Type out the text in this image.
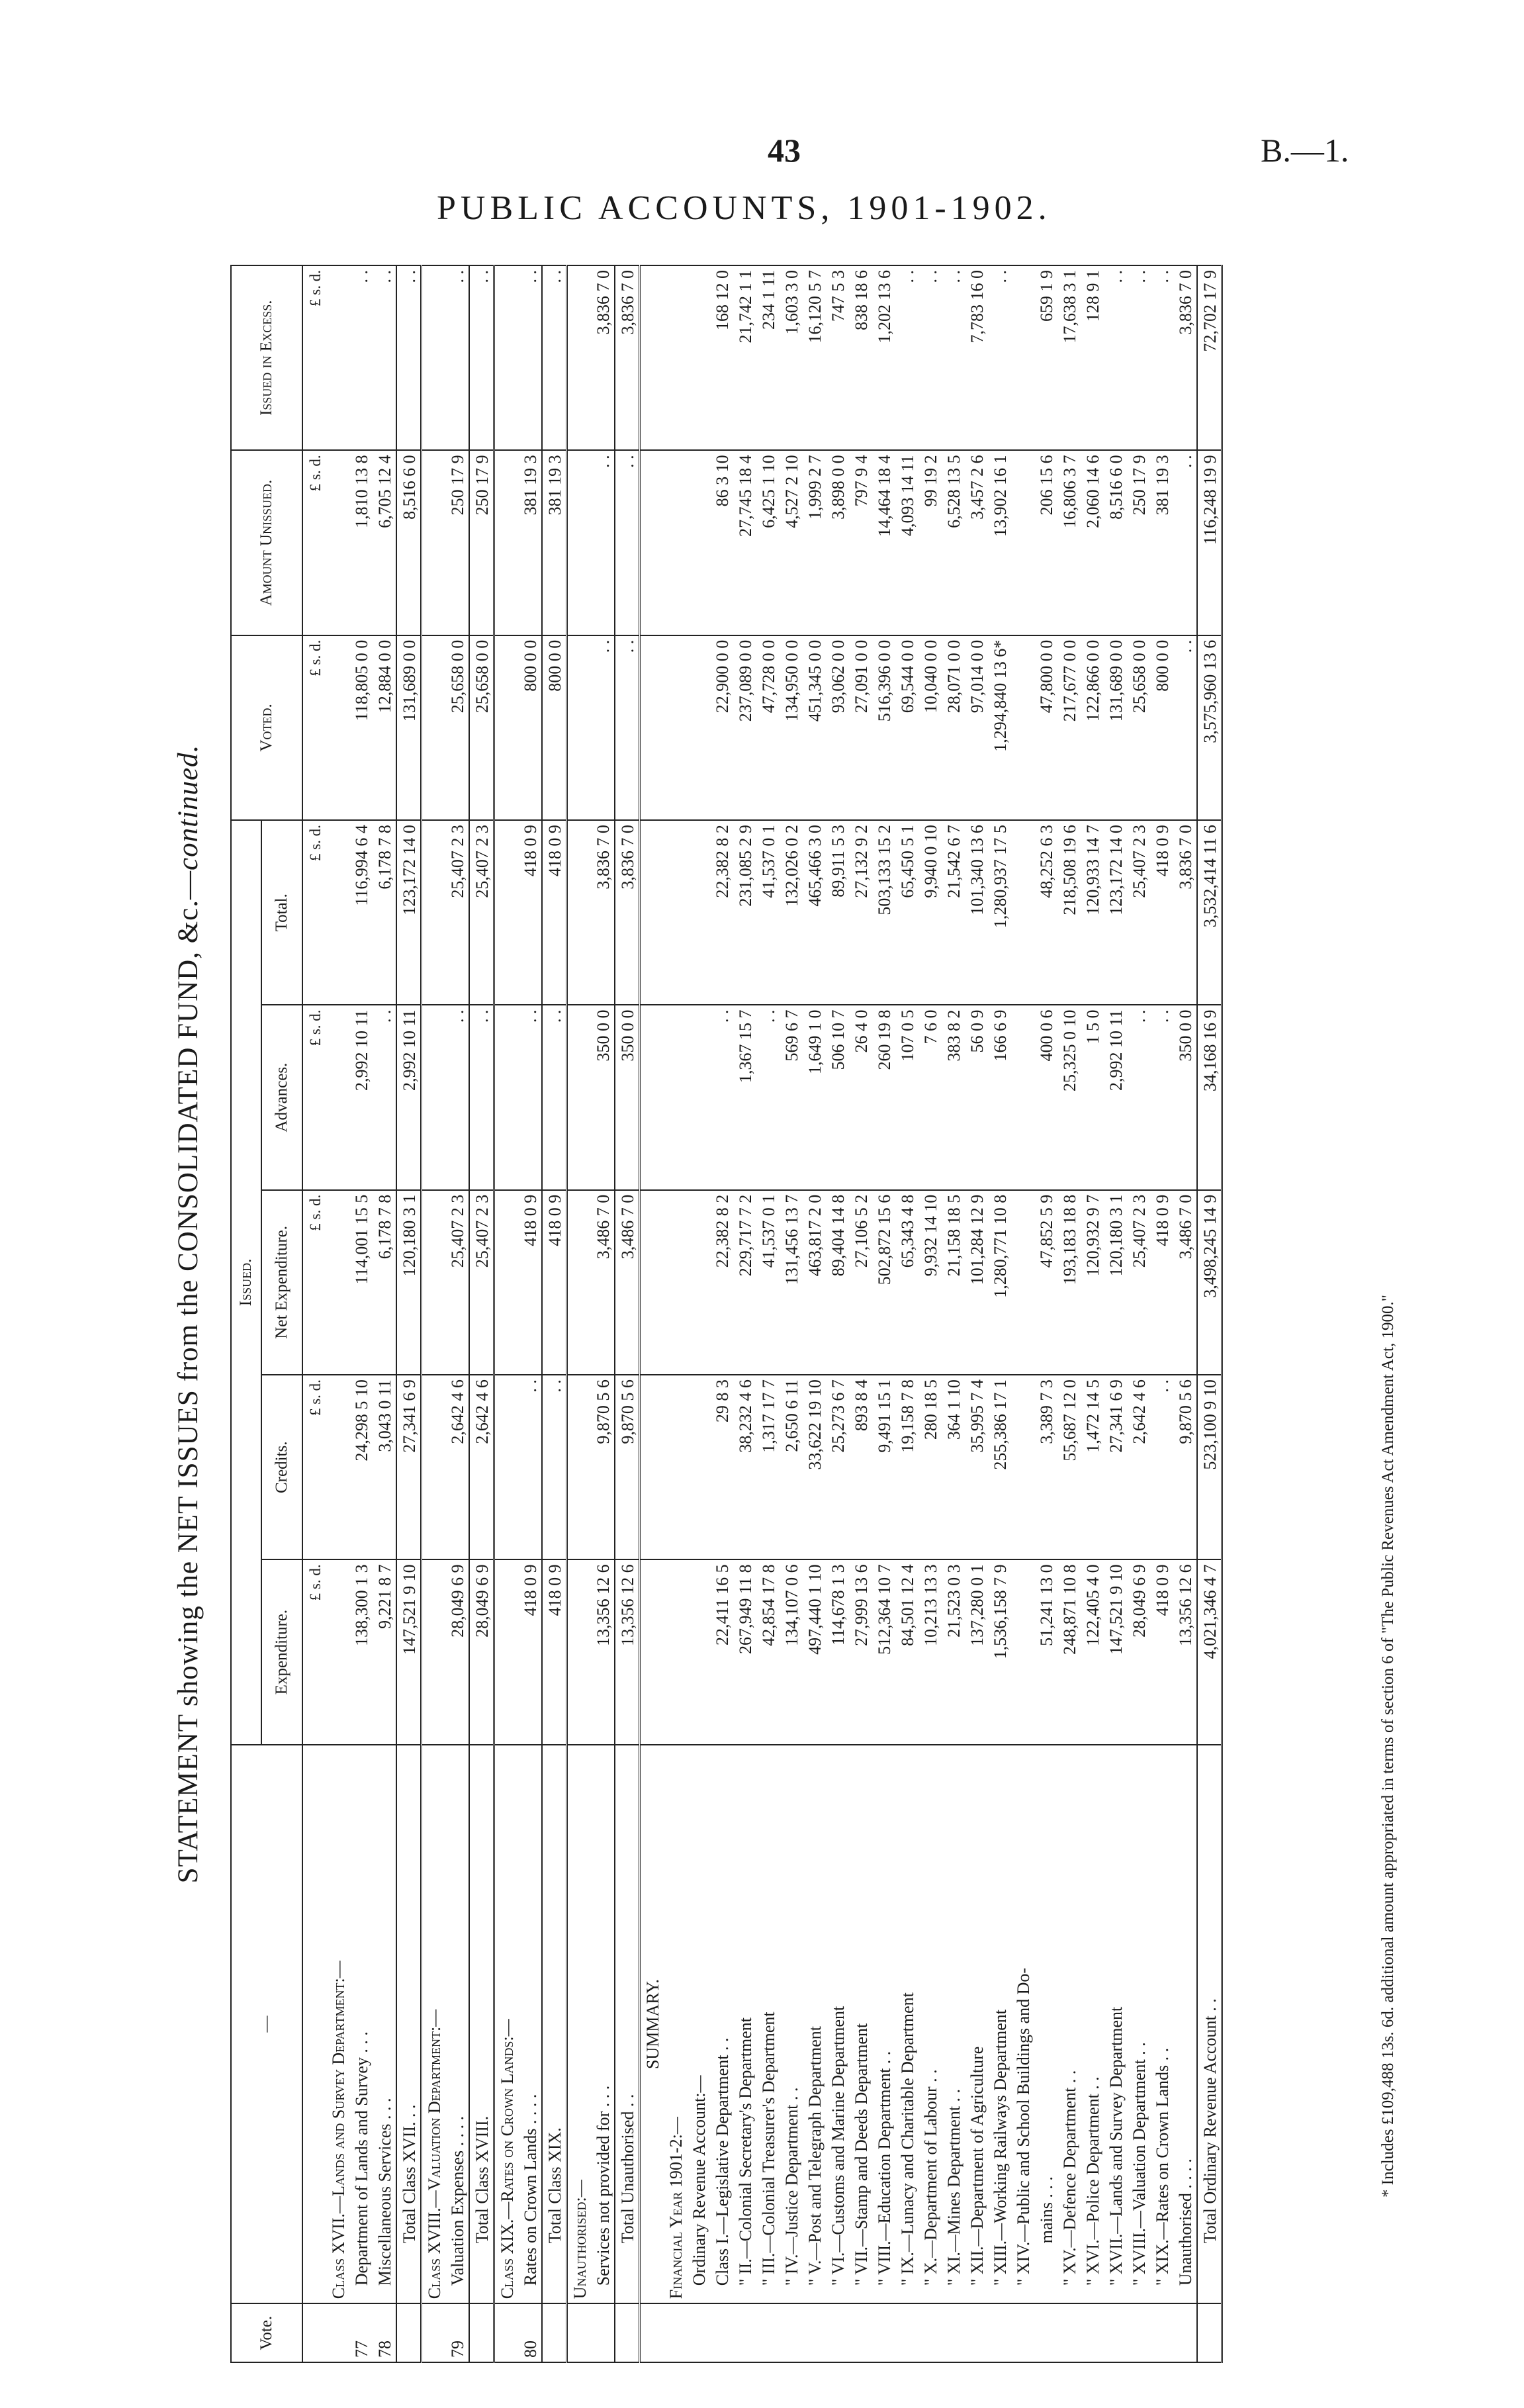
43	B.—1.
PUBLIC ACCOUNTS, 1901-1902.
STATEMENT showing the NET ISSUES from the CONSOLIDATED FUND, &c.—continued.
Vote.	—	Issued.					Voted.	Amount Unissued.	Issued in Excess.
		Expenditure.	Credits.	Net Expenditure.	Advances.	Total.			
		£ s. d.	£ s. d.	£ s. d.	£ s. d.	£ s. d.	£ s. d.	£ s. d.	£ s. d.
	Class XVII.—Lands and Survey Department:—								
77	Department of Lands and Survey . . .	138,300 1 3	24,298 5 10	114,001 15 5	2,992 10 11	116,994 6 4	118,805 0 0	1,810 13 8	. .
78	Miscellaneous Services . . .	9,221 8 7	3,043 0 11	6,178 7 8	. .	6,178 7 8	12,884 0 0	6,705 12 4	. .
	Total Class XVII. . .	147,521 9 10	27,341 6 9	120,180 3 1	2,992 10 11	123,172 14 0	131,689 0 0	8,516 6 0	. .
	Class XVIII.—Valuation Department:—								
79	Valuation Expenses . . . .	28,049 6 9	2,642 4 6	25,407 2 3	. .	25,407 2 3	25,658 0 0	250 17 9	. .
	Total Class XVIII.	28,049 6 9	2,642 4 6	25,407 2 3	. .	25,407 2 3	25,658 0 0	250 17 9	. .
	Class XIX.—Rates on Crown Lands:—								
80	Rates on Crown Lands . . . .	418 0 9	. .	418 0 9	. .	418 0 9	800 0 0	381 19 3	. .
	Total Class XIX.	418 0 9	. .	418 0 9	. .	418 0 9	800 0 0	381 19 3	. .
	Unauthorised:—								
	Services not provided for . . .	13,356 12 6	9,870 5 6	3,486 7 0	350 0 0	3,836 7 0	. .	. .	3,836 7 0
	Total Unauthorised . .	13,356 12 6	9,870 5 6	3,486 7 0	350 0 0	3,836 7 0	. .	. .	3,836 7 0
	SUMMARY.								
	Financial Year 1901-2:—								
	Ordinary Revenue Account:—								
	Class I.—Legislative Department . .	22,411 16 5	29 8 3	22,382 8 2	. .	22,382 8 2	22,900 0 0	86 3 10	168 12 0
	" II.—Colonial Secretary's Department	267,949 11 8	38,232 4 6	229,717 7 2	1,367 15 7	231,085 2 9	237,089 0 0	27,745 18 4	21,742 1 1
	" III.—Colonial Treasurer's Department	42,854 17 8	1,317 17 7	41,537 0 1	. .	41,537 0 1	47,728 0 0	6,425 1 10	234 1 11
	" IV.—Justice Department . .	134,107 0 6	2,650 6 11	131,456 13 7	569 6 7	132,026 0 2	134,950 0 0	4,527 2 10	1,603 3 0
	" V.—Post and Telegraph Department	497,440 1 10	33,622 19 10	463,817 2 0	1,649 1 0	465,466 3 0	451,345 0 0	1,999 2 7	16,120 5 7
	" VI.—Customs and Marine Department	114,678 1 3	25,273 6 7	89,404 14 8	506 10 7	89,911 5 3	93,062 0 0	3,898 0 0	747 5 3
	" VII.—Stamp and Deeds Department	27,999 13 6	893 8 4	27,106 5 2	26 4 0	27,132 9 2	27,091 0 0	797 9 4	838 18 6
	" VIII.—Education Department . .	512,364 10 7	9,491 15 1	502,872 15 6	260 19 8	503,133 15 2	516,396 0 0	14,464 18 4	1,202 13 6
	" IX.—Lunacy and Charitable Department	84,501 12 4	19,158 7 8	65,343 4 8	107 0 5	65,450 5 1	69,544 0 0	4,093 14 11	. .
	" X.—Department of Labour . .	10,213 13 3	280 18 5	9,932 14 10	7 6 0	9,940 0 10	10,040 0 0	99 19 2	. .
	" XI.—Mines Department . .	21,523 0 3	364 1 10	21,158 18 5	383 8 2	21,542 6 7	28,071 0 0	6,528 13 5	. .
	" XII.—Department of Agriculture	137,280 0 1	35,995 7 4	101,284 12 9	56 0 9	101,340 13 6	97,014 0 0	3,457 2 6	7,783 16 0
	" XIII.—Working Railways Department	1,536,158 7 9	255,386 17 1	1,280,771 10 8	166 6 9	1,280,937 17 5	1,294,840 13 6*	13,902 16 1	. .
	" XIV.—Public and School Buildings and Do-								
	mains . . .	51,241 13 0	3,389 7 3	47,852 5 9	400 0 6	48,252 6 3	47,800 0 0	206 15 6	659 1 9
	" XV.—Defence Department . .	248,871 10 8	55,687 12 0	193,183 18 8	25,325 0 10	218,508 19 6	217,677 0 0	16,806 3 7	17,638 3 1
	" XVI.—Police Department . .	122,405 4 0	1,472 14 5	120,932 9 7	1 5 0	120,933 14 7	122,866 0 0	2,060 14 6	128 9 1
	" XVII.—Lands and Survey Department	147,521 9 10	27,341 6 9	120,180 3 1	2,992 10 11	123,172 14 0	131,689 0 0	8,516 6 0	. .
	" XVIII.—Valuation Department . .	28,049 6 9	2,642 4 6	25,407 2 3	. .	25,407 2 3	25,658 0 0	250 17 9	. .
	" XIX.—Rates on Crown Lands . .	418 0 9	. .	418 0 9	. .	418 0 9	800 0 0	381 19 3	. .
	Unauthorised . . . .	13,356 12 6	9,870 5 6	3,486 7 0	350 0 0	3,836 7 0	. .	. .	3,836 7 0
	Total Ordinary Revenue Account . .	4,021,346 4 7	523,100 9 10	3,498,245 14 9	34,168 16 9	3,532,414 11 6	3,575,960 13 6	116,248 19 9	72,702 17 9
* Includes £109,488 13s. 6d. additional amount appropriated in terms of section 6 of "The Public Revenues Act Amendment Act, 1900."
